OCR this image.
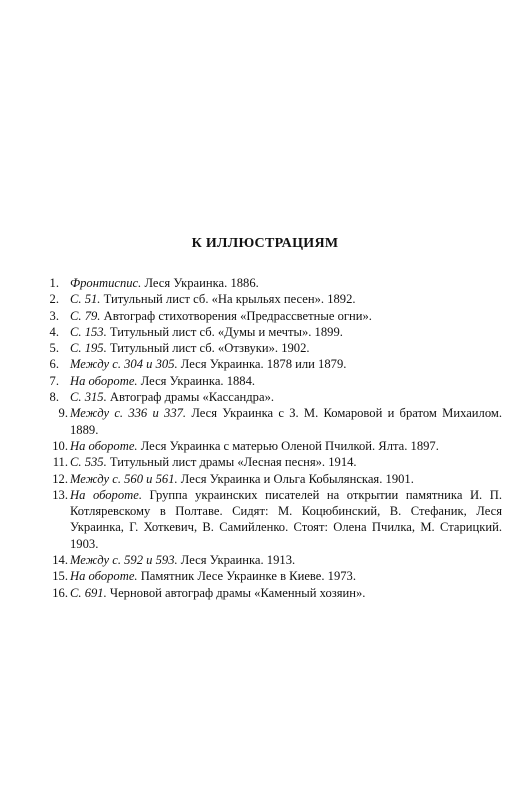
К ИЛЛЮСТРАЦИЯМ
1. Фронтиспис. Леся Украинка. 1886.
2. С. 51. Титульный лист сб. «На крыльях песен». 1892.
3. С. 79. Автограф стихотворения «Предрассветные огни».
4. С. 153. Титульный лист сб. «Думы и мечты». 1899.
5. С. 195. Титульный лист сб. «Отзвуки». 1902.
6. Между с. 304 и 305. Леся Украинка. 1878 или 1879.
7. На обороте. Леся Украинка. 1884.
8. С. 315. Автограф драмы «Кассандра».
9. Между с. 336 и 337. Леся Украинка с З. М. Комаровой и братом Михаилом. 1889.
10. На обороте. Леся Украинка с матерью Оленой Пчилкой. Ялта. 1897.
11. С. 535. Титульный лист драмы «Лесная песня». 1914.
12. Между с. 560 и 561. Леся Украинка и Ольга Кобылянская. 1901.
13. На обороте. Группа украинских писателей на открытии памятника И. П. Котляревскому в Полтаве. Сидят: М. Коцюбинский, В. Стефаник, Леся Украинка, Г. Хоткевич, В. Самийленко. Стоят: Олена Пчилка, М. Старицкий. 1903.
14. Между с. 592 и 593. Леся Украинка. 1913.
15. На обороте. Памятник Лесе Украинке в Киеве. 1973.
16. С. 691. Черновой автограф драмы «Каменный хозяин».
